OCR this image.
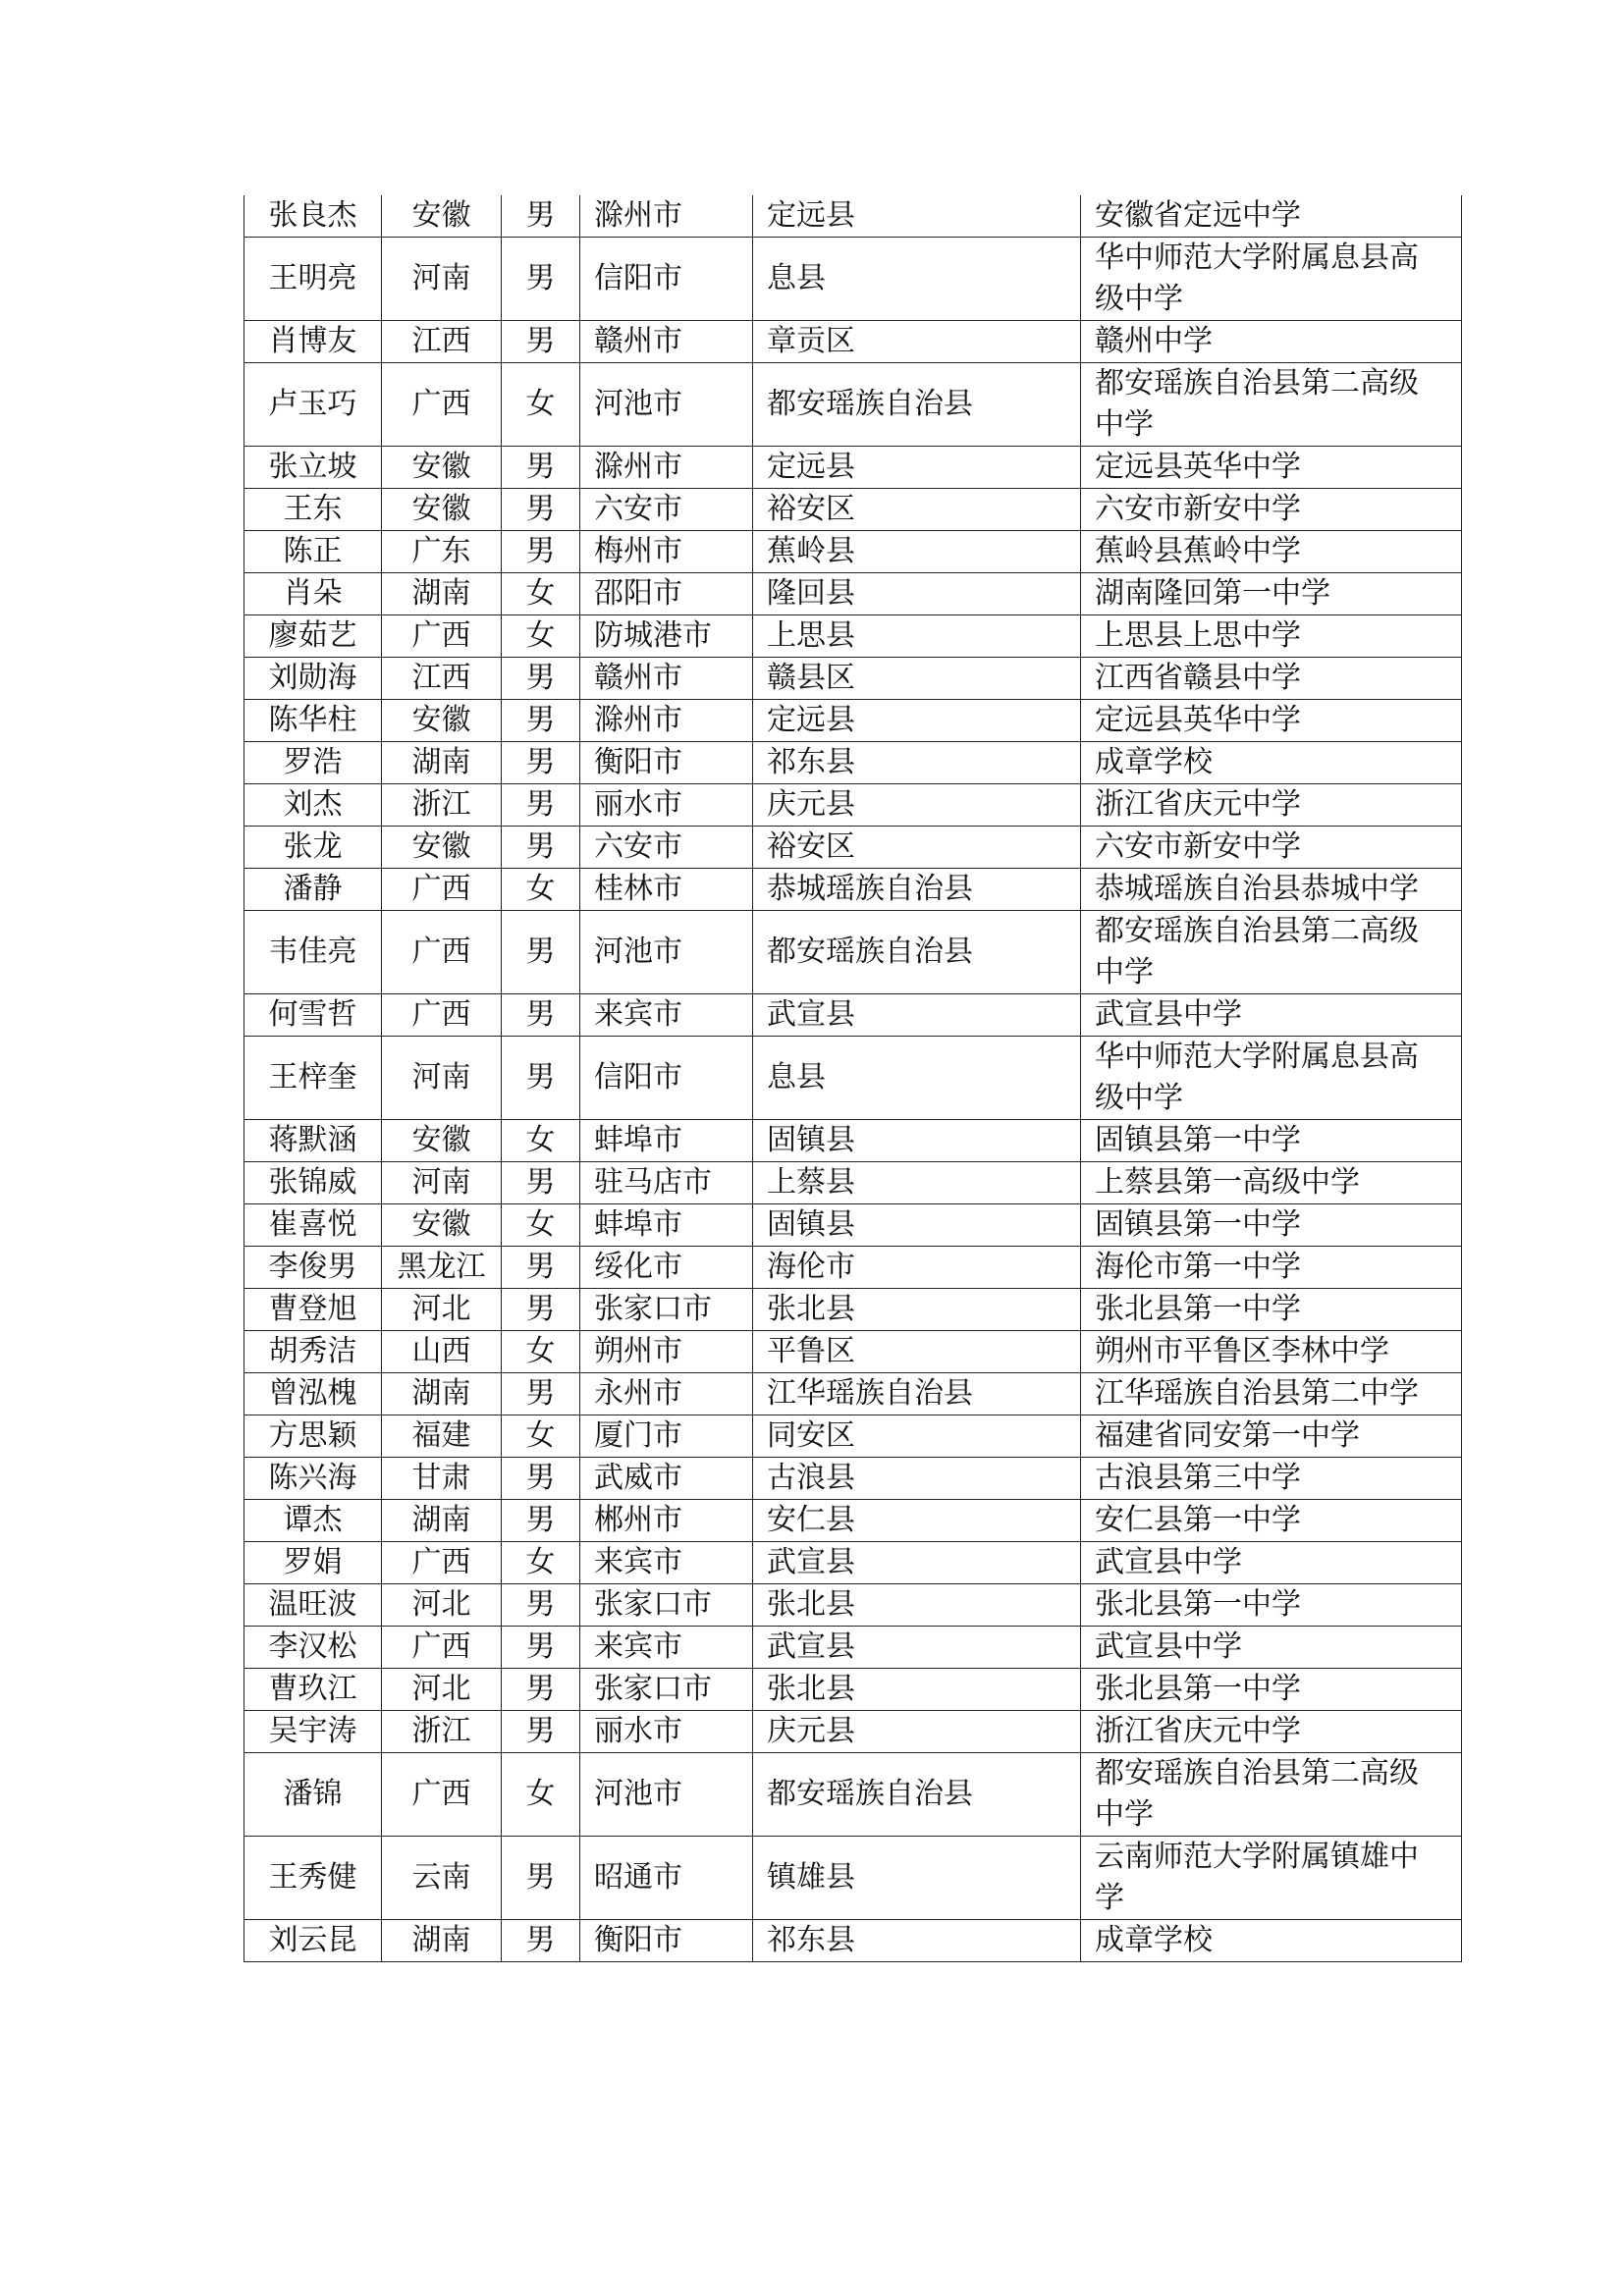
张良杰	安徽	男	滁州市	定远县	安徽省定远中学
王明亮	河南	男	信阳市	息县	华中师范大学附属息县高级中学
肖博友	江西	男	赣州市	章贡区	赣州中学
卢玉巧	广西	女	河池市	都安瑶族自治县	都安瑶族自治县第二高级中学
张立坡	安徽	男	滁州市	定远县	定远县英华中学
王东	安徽	男	六安市	裕安区	六安市新安中学
陈正	广东	男	梅州市	蕉岭县	蕉岭县蕉岭中学
肖朵	湖南	女	邵阳市	隆回县	湖南隆回第一中学
廖茹艺	广西	女	防城港市	上思县	上思县上思中学
刘勋海	江西	男	赣州市	赣县区	江西省赣县中学
陈华柱	安徽	男	滁州市	定远县	定远县英华中学
罗浩	湖南	男	衡阳市	祁东县	成章学校
刘杰	浙江	男	丽水市	庆元县	浙江省庆元中学
张龙	安徽	男	六安市	裕安区	六安市新安中学
潘静	广西	女	桂林市	恭城瑶族自治县	恭城瑶族自治县恭城中学
韦佳亮	广西	男	河池市	都安瑶族自治县	都安瑶族自治县第二高级中学
何雪哲	广西	男	来宾市	武宣县	武宣县中学
王梓奎	河南	男	信阳市	息县	华中师范大学附属息县高级中学
蒋默涵	安徽	女	蚌埠市	固镇县	固镇县第一中学
张锦威	河南	男	驻马店市	上蔡县	上蔡县第一高级中学
崔喜悦	安徽	女	蚌埠市	固镇县	固镇县第一中学
李俊男	黑龙江	男	绥化市	海伦市	海伦市第一中学
曹登旭	河北	男	张家口市	张北县	张北县第一中学
胡秀洁	山西	女	朔州市	平鲁区	朔州市平鲁区李林中学
曾泓槐	湖南	男	永州市	江华瑶族自治县	江华瑶族自治县第二中学
方思颖	福建	女	厦门市	同安区	福建省同安第一中学
陈兴海	甘肃	男	武威市	古浪县	古浪县第三中学
谭杰	湖南	男	郴州市	安仁县	安仁县第一中学
罗娟	广西	女	来宾市	武宣县	武宣县中学
温旺波	河北	男	张家口市	张北县	张北县第一中学
李汉松	广西	男	来宾市	武宣县	武宣县中学
曹玖江	河北	男	张家口市	张北县	张北县第一中学
吴宇涛	浙江	男	丽水市	庆元县	浙江省庆元中学
潘锦	广西	女	河池市	都安瑶族自治县	都安瑶族自治县第二高级中学
王秀健	云南	男	昭通市	镇雄县	云南师范大学附属镇雄中学
刘云昆	湖南	男	衡阳市	祁东县	成章学校
